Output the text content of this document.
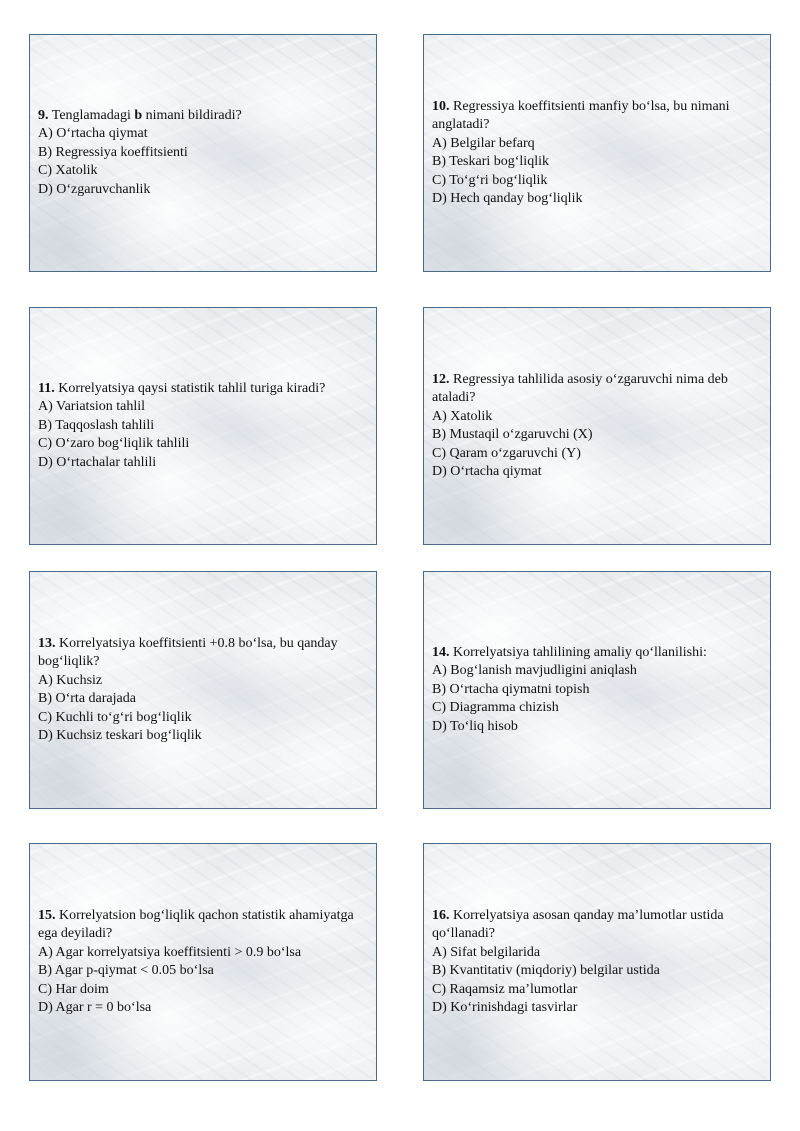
9. Tenglamadagi b nimani bildiradi?

A) O‘rtacha qiymat

B) Regressiya koeffitsienti

C) Xatolik

D) O‘zgaruvchanlik

10. Regressiya koeffitsienti manfiy bo‘lsa, bu nimani anglatadi?

A) Belgilar befarq

B) Teskari bog‘liqlik

C) To‘g‘ri bog‘liqlik

D) Hech qanday bog‘liqlik

11. Korrelyatsiya qaysi statistik tahlil turiga kiradi?

A) Variatsion tahlil

B) Taqqoslash tahlili

C) O‘zaro bog‘liqlik tahlili

D) O‘rtachalar tahlili

12. Regressiya tahlilida asosiy o‘zgaruvchi nima deb ataladi?

A) Xatolik

B) Mustaqil o‘zgaruvchi (X)

C) Qaram o‘zgaruvchi (Y)

D) O‘rtacha qiymat

13. Korrelyatsiya koeffitsienti +0.8 bo‘lsa, bu qanday bog‘liqlik?

A) Kuchsiz

B) O‘rta darajada

C) Kuchli to‘g‘ri bog‘liqlik

D) Kuchsiz teskari bog‘liqlik

14. Korrelyatsiya tahlilining amaliy qo‘llanilishi:

A) Bog‘lanish mavjudligini aniqlash

B) O‘rtacha qiymatni topish

C) Diagramma chizish

D) To‘liq hisob

15. Korrelyatsion bog‘liqlik qachon statistik ahamiyatga ega deyiladi?

A) Agar korrelyatsiya koeffitsienti > 0.9 bo‘lsa

B) Agar p-qiymat < 0.05 bo‘lsa

C) Har doim

D) Agar r = 0 bo‘lsa

16. Korrelyatsiya asosan qanday ma’lumotlar ustida qo‘llanadi?

A) Sifat belgilarida

B) Kvantitativ (miqdoriy) belgilar ustida

C) Raqamsiz ma’lumotlar

D) Ko‘rinishdagi tasvirlar
